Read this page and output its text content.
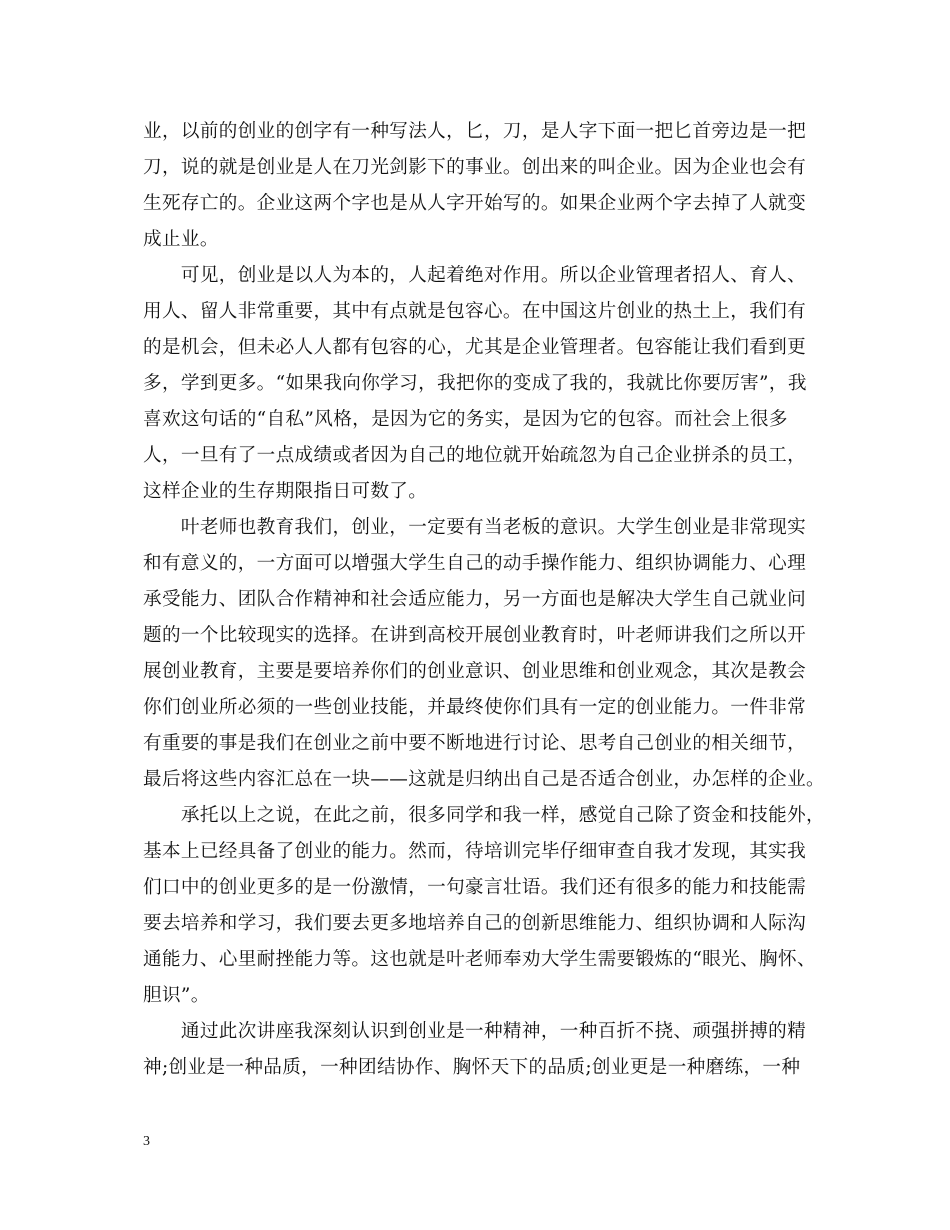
业，以前的创业的创字有一种写法人，匕，刀，是人字下面一把匕首旁边是一把
刀，说的就是创业是人在刀光剑影下的事业。创出来的叫企业。因为企业也会有
生死存亡的。企业这两个字也是从人字开始写的。如果企业两个字去掉了人就变
成止业。
　　可见，创业是以人为本的，人起着绝对作用。所以企业管理者招人、育人、
用人、留人非常重要，其中有点就是包容心。在中国这片创业的热土上，我们有
的是机会，但未必人人都有包容的心，尤其是企业管理者。包容能让我们看到更
多，学到更多。“如果我向你学习，我把你的变成了我的，我就比你要厉害”，我
喜欢这句话的“自私”风格，是因为它的务实，是因为它的包容。而社会上很多
人，一旦有了一点成绩或者因为自己的地位就开始疏忽为自己企业拼杀的员工，
这样企业的生存期限指日可数了。
　　叶老师也教育我们，创业，一定要有当老板的意识。大学生创业是非常现实
和有意义的，一方面可以增强大学生自己的动手操作能力、组织协调能力、心理
承受能力、团队合作精神和社会适应能力，另一方面也是解决大学生自己就业问
题的一个比较现实的选择。在讲到高校开展创业教育时，叶老师讲我们之所以开
展创业教育，主要是要培养你们的创业意识、创业思维和创业观念，其次是教会
你们创业所必须的一些创业技能，并最终使你们具有一定的创业能力。一件非常
有重要的事是我们在创业之前中要不断地进行讨论、思考自己创业的相关细节，
最后将这些内容汇总在一块——这就是归纳出自己是否适合创业，办怎样的企业。
　　承托以上之说，在此之前，很多同学和我一样，感觉自己除了资金和技能外，
基本上已经具备了创业的能力。然而，待培训完毕仔细审查自我才发现，其实我
们口中的创业更多的是一份激情，一句豪言壮语。我们还有很多的能力和技能需
要去培养和学习，我们要去更多地培养自己的创新思维能力、组织协调和人际沟
通能力、心里耐挫能力等。这也就是叶老师奉劝大学生需要锻炼的“眼光、胸怀、
胆识”。
　　通过此次讲座我深刻认识到创业是一种精神，一种百折不挠、顽强拼搏的精
神;创业是一种品质，一种团结协作、胸怀天下的品质;创业更是一种磨练，一种
3
